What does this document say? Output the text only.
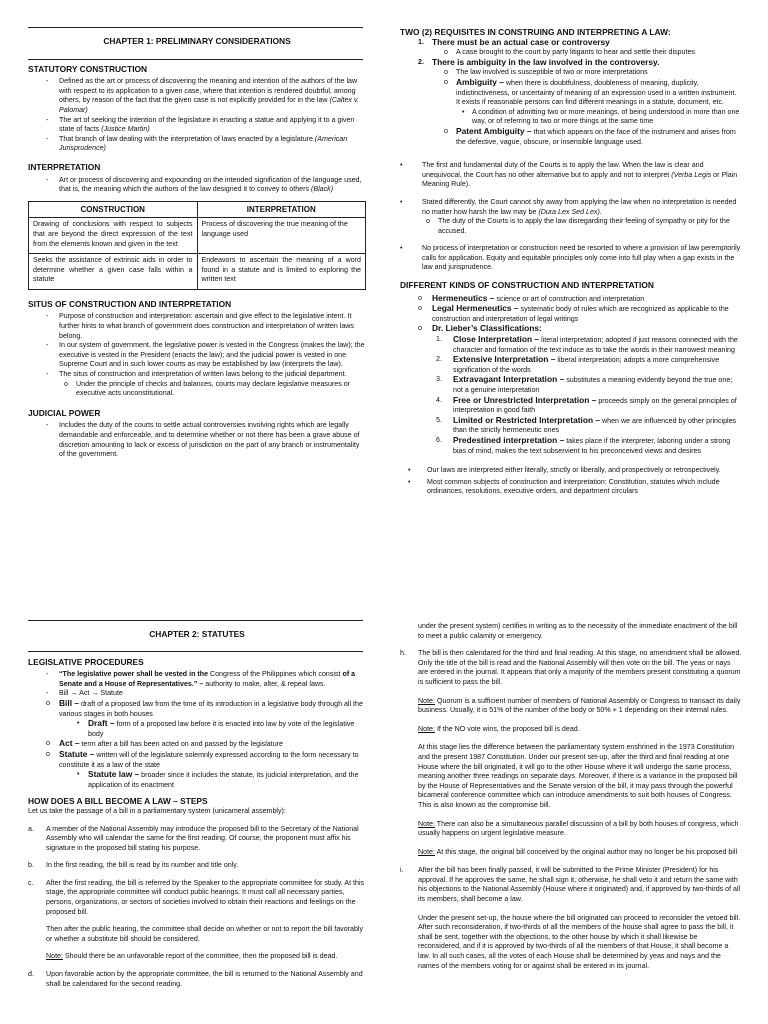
CHAPTER 1: PRELIMINARY CONSIDERATIONS
STATUTORY CONSTRUCTION
- Defined as the art or process of discovering the meaning and intention of the authors of the law with respect to its application to a given case, where that intention is rendered doubtful, among others, by reason of the fact that the given case is not explicitly provided for in the law (Caltex v. Palomar)
- The art of seeking the intention of the legislature in enacting a statue and applying it to a given state of facts (Justice Martin)
- That branch of law dealing with the interpretation of laws enacted by a legislature (American Jurisprudence)
INTERPRETATION
- Art or process of discovering and expounding on the intended signification of the language used, that is, the meaning which the authors of the law designed it to convey to others (Black)
CONSTRUCTION	INTERPRETATION
Drawing of conclusions with respect to subjects that are beyond the direct expression of the text from the elements known and given in the text	Process of discovering the true meaning of the language used
Seeks the assistance of extrinsic aids in order to determine whether a given case falls within a statute	Endeavors to ascertain the meaning of a word found in a statute and is limited to exploring the written text
SITUS OF CONSTRUCTION AND INTERPRETATION
- Purpose of construction and interpretation: ascertain and give effect to the legislative intent. It further hints to what branch of government does construction and interpretation of written laws belong.
- In our system of government, the legislative power is vested in the Congress (makes the law); the executive is vested in the President (enacts the law); and the judicial power is vested in one Supreme Court and in such lower courts as may be established by law (interprets the law).
- The situs of construction and interpretation of written laws belong to the judicial department.
o Under the principle of checks and balances, courts may declare legislative measures or executive acts unconstitutional.
JUDICIAL POWER
- Includes the duty of the courts to settle actual controversies involving rights which are legally demandable and enforceable, and to determine whether or not there has been a grave abuse of discretion amounting to lack or excess of jurisdiction on the part of any branch or instrumentality of the government.
TWO (2) REQUISITES IN CONSTRUING AND INTERPRETING A LAW:
1. There must be an actual case or controversy
o A case brought to the court by party litigants to hear and settle their disputes
2. There is ambiguity in the law involved in the controversy.
o The law involved is susceptible of two or more interpretations
o Ambiguity – when there is doubtfulness, doubleness of meaning, duplicity, indistinctiveness, or uncertainty of meaning of an expression used in a written instrument. It exists if reasonable persons can find different meanings in a statute, document, etc.
• A condition of admitting two or more meanings, of being understood in more than one way, or of referring to two or more things at the same time
o Patent Ambiguity – that which appears on the face of the instrument and arises from the defective, vague, obscure, or insensible language used.
•	The first and fundamental duty of the Courts is to apply the law. When the law is clear and unequivocal, the Court has no other alternative but to apply and not to interpret (Verba Legis or Plain Meaning Rule).
•	Stated differently, the Court cannot shy away from applying the law when no interpretation is needed no matter how harsh the law may be (Dura Lex Sed Lex).
o The duty of the Courts is to apply the law disregarding their feeling of sympathy or pity for the accused.
•	No process of interpretation or construction need be resorted to where a provision of law peremptorily calls for application. Equity and equitable principles only come into full play when a gap exists in the law and jurisprudence.
DIFFERENT KINDS OF CONSTRUCTION AND INTERPRETATION
o Hermeneutics – science or art of construction and interpretation
o Legal Hermeneutics – systematic body of rules which are recognized as applicable to the construction and interpretation of legal writings
o Dr. Lieber’s Classifications:
1. Close Interpretation – literal interpretation; adopted if just reasons connected with the character and formation of the text induce as to take the words in their narrowest meaning
2. Extensive Interpretation – liberal interpretation; adopts a more comprehensive signification of the words
3. Extravagant Interpretation – substitutes a meaning evidently beyond the true one; not a genuine interpretation
4. Free or Unrestricted Interpretation – proceeds simply on the general principles of interpretation in good faith
5. Limited or Restricted Interpretation – when we are influenced by other principles than the strictly hermeneutic ones
6. Predestined interpretation – takes place if the interpreter, laboring under a strong bias of mind, makes the text subservient to his preconceived views and desires
• Our laws are interpreted either literally, strictly or liberally, and prospectively or retrospectively.
• Most common subjects of construction and interpretation: Constitution, statutes which include ordinances, resolutions, executive orders, and department circulars
CHAPTER 2: STATUTES
LEGISLATIVE PROCEDURES
- “The legislative power shall be vested in the Congress of the Philippines which consist of a Senate and a House of Representatives.” – authority to make, alter, & repeal laws.
- Bill → Act → Statute
o Bill – draft of a proposed law from the time of its introduction in a legislative body through all the various stages in both houses
• Draft – form of a proposed law before it is enacted into law by vote of the legislative body
o Act – term after a bill has been acted on and passed by the legislature
o Statute – written will of the legislature solemnly expressed according to the form necessary to constitute it as a law of the state
• Statute law – broader since it includes the statute, its judicial interpretation, and the application of its enactment
HOW DOES A BILL BECOME A LAW – STEPS
Let us take the passage of a bill in a parliamentary system (unicameral assembly):
a. A member of the National Assembly may introduce the proposed bill to the Secretary of the National Assembly who will calendar the same for the first reading. Of course, the proponent must affix his signature in the proposed bill stating his purpose.
b. In the first reading, the bill is read by its number and title only.
c. After the first reading, the bill is referred by the Speaker to the appropriate committee for study. At this stage, the appropriate committee will conduct public hearings. It must call all necessary parties, persons, organizations, or sectors of societies involved to obtain their reactions and feelings on the proposed bill.
Then after the public hearing, the committee shall decide on whether or not to report the bill favorably or whether a substitute bill should be considered.
Note: Should there be an unfavorable report of the committee, then the proposed bill is dead.
d. Upon favorable action by the appropriate committee, the bill is returned to the National Assembly and shall be calendared for the second reading.
under the present system) certifies in writing as to the necessity of the immediate enactment of the bill to meet a public calamity or emergency.
h. The bill is then calendared for the third and final reading. At this stage, no amendment shall be allowed. Only the title of the bill is read and the National Assembly will then vote on the bill. The yeas or nays are entered in the journal. It appears that only a majority of the members present constituting a quorum is sufficient to pass the bill.
Note: Quorum is a sufficient number of members of National Assembly or Congress to transact its daily business. Usually, it is 51% of the number of the body or 50% + 1 depending on their internal rules.
Note: If the NO vote wins, the proposed bill is dead.
At this stage lies the difference between the parliamentary system enshrined in the 1973 Constitution and the present 1987 Constitution. Under our present set-up, after the third and final reading at one House where the bill originated, it will go to the other House where it will undergo the same process, meaning another three readings on separate days. Moreover, if there is a variance in the proposed bill by the House of Representatives and the Senate version of the bill, it may pass through the powerful bicameral conference committee which can introduce amendments to suit both houses of Congress. This is also known as the compromise bill.
Note: There can also be a simultaneous parallel discussion of a bill by both houses of congress, which usually happens on urgent legislative measure.
Note: At this stage, the original bill conceived by the original author may no longer be his proposed bill
i. After the bill has been finally passed, it will be submitted to the Prime Minister (President) for his approval. If he approves the same, he shall sign it, otherwise, he shall veto it and return the same with his objections to the National Assembly (House where it originated) and, if approved by two-thirds of all its members, shall become a law.
Under the present set-up, the house where the bill originated can proceed to reconsider the vetoed bill. After such reconsideration, if two-thirds of all the members of the house shall agree to pass the bill, it shall be sent, together with the objections, to the other house by which it shall likewise be reconsidered, and if it is approved by two-thirds of all the members of that House, it shall become a law. In all such cases, all the votes of each House shall be determined by yeas and nays and the names of the members voting for or against shall be entered in its journal.
